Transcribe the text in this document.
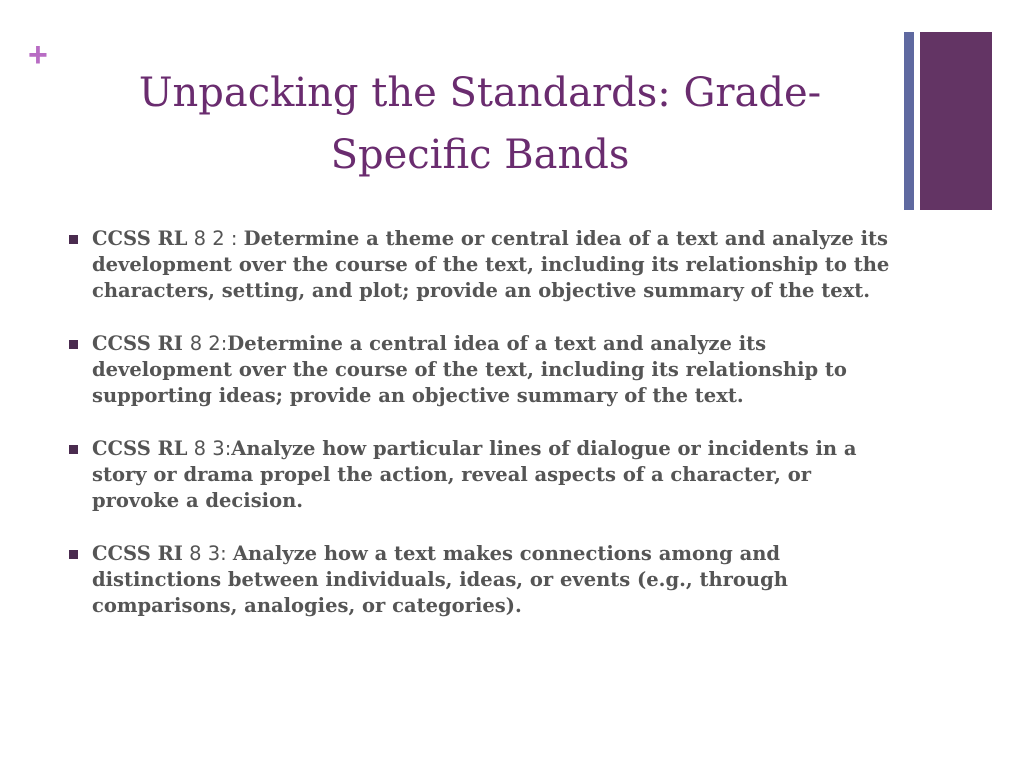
+
Unpacking the Standards: Grade-Specific Bands
CCSS RL 8 2 : Determine a theme or central idea of a text and analyze its development over the course of the text, including its relationship to the characters, setting, and plot; provide an objective summary of the text.
CCSS RI 8 2:Determine a central idea of a text and analyze its development over the course of the text, including its relationship to supporting ideas; provide an objective summary of the text.
CCSS RL 8 3:Analyze how particular lines of dialogue or incidents in a story or drama propel the action, reveal aspects of a character, or provoke a decision.
CCSS RI 8 3: Analyze how a text makes connections among and distinctions between individuals, ideas, or events (e.g., through comparisons, analogies, or categories).
